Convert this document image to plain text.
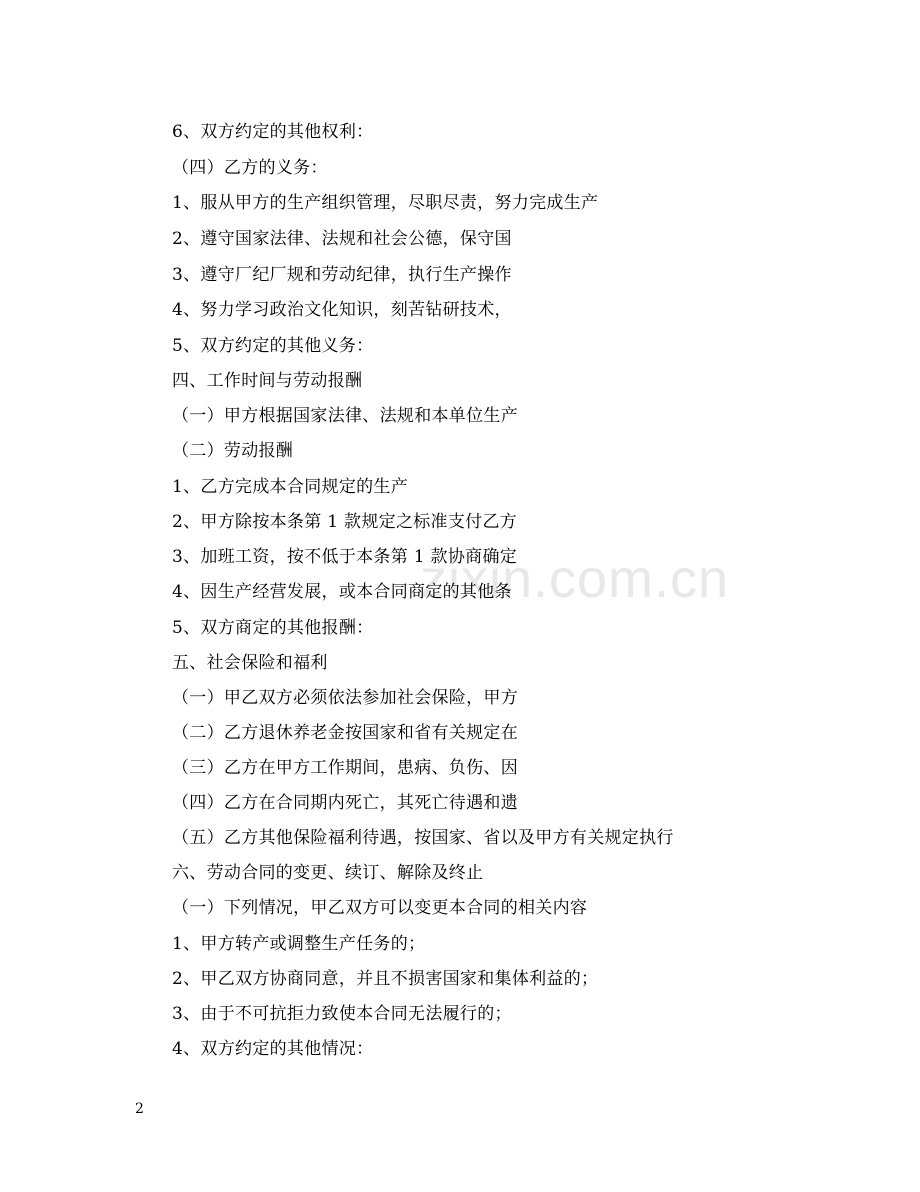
zixin.com.cn
6、双方约定的其他权利：
（四）乙方的义务：
1、服从甲方的生产组织管理，尽职尽责，努力完成生产
2、遵守国家法律、法规和社会公德，保守国
3、遵守厂纪厂规和劳动纪律，执行生产操作
4、努力学习政治文化知识，刻苦钻研技术，
5、双方约定的其他义务：
四、工作时间与劳动报酬
（一）甲方根据国家法律、法规和本单位生产
（二）劳动报酬
1、乙方完成本合同规定的生产
2、甲方除按本条第 1 款规定之标准支付乙方
3、加班工资，按不低于本条第 1 款协商确定
4、因生产经营发展，或本合同商定的其他条
5、双方商定的其他报酬：
五、社会保险和福利
（一）甲乙双方必须依法参加社会保险，甲方
（二）乙方退休养老金按国家和省有关规定在
（三）乙方在甲方工作期间，患病、负伤、因
（四）乙方在合同期内死亡，其死亡待遇和遗
（五）乙方其他保险福利待遇，按国家、省以及甲方有关规定执行
六、劳动合同的变更、续订、解除及终止
（一）下列情况，甲乙双方可以变更本合同的相关内容
1、甲方转产或调整生产任务的；
2、甲乙双方协商同意，并且不损害国家和集体利益的；
3、由于不可抗拒力致使本合同无法履行的；
4、双方约定的其他情况：
2
